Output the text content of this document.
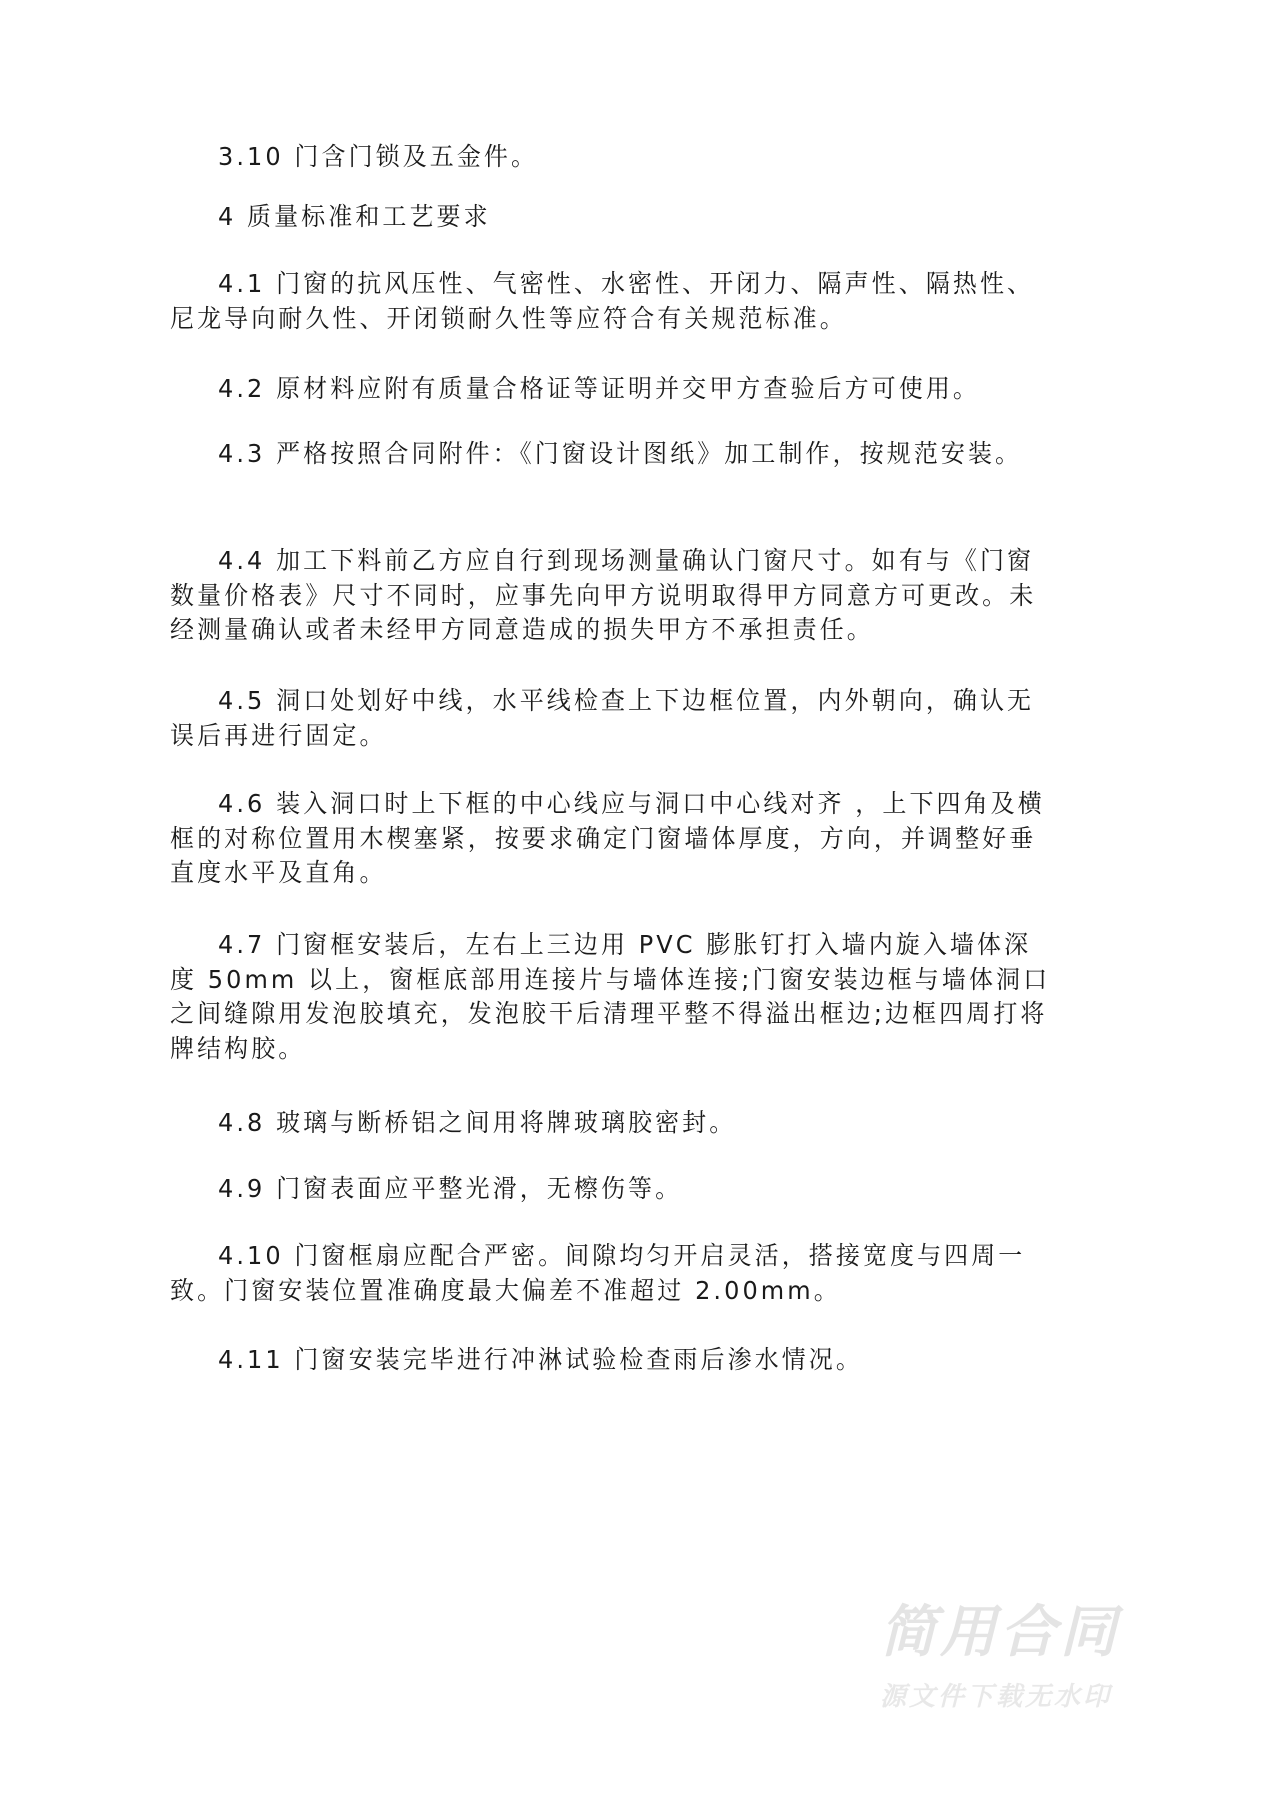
3.10 门含门锁及五金件。

4 质量标准和工艺要求

4.1 门窗的抗风压性、气密性、水密性、开闭力、隔声性、隔热性、尼龙导向耐久性、开闭锁耐久性等应符合有关规范标准。

4.2 原材料应附有质量合格证等证明并交甲方查验后方可使用。

4.3 严格按照合同附件：《门窗设计图纸》加工制作，按规范安装。

4.4 加工下料前乙方应自行到现场测量确认门窗尺寸。如有与《门窗数量价格表》尺寸不同时，应事先向甲方说明取得甲方同意方可更改。未经测量确认或者未经甲方同意造成的损失甲方不承担责任。

4.5 洞口处划好中线，水平线检查上下边框位置，内外朝向，确认无误后再进行固定。

4.6 装入洞口时上下框的中心线应与洞口中心线对齐 ，上下四角及横框的对称位置用木楔塞紧，按要求确定门窗墙体厚度，方向，并调整好垂直度水平及直角。

4.7 门窗框安装后，左右上三边用 PVC 膨胀钉打入墙内旋入墙体深度 50mm 以上，窗框底部用连接片与墙体连接;门窗安装边框与墙体洞口之间缝隙用发泡胶填充，发泡胶干后清理平整不得溢出框边;边框四周打将牌结构胶。

4.8 玻璃与断桥铝之间用将牌玻璃胶密封。

4.9 门窗表面应平整光滑，无檫伤等。

4.10 门窗框扇应配合严密。间隙均匀开启灵活，搭接宽度与四周一致。门窗安装位置准确度最大偏差不准超过 2.00mm。

4.11 门窗安装完毕进行冲淋试验检查雨后渗水情况。

简用合同
源文件下载无水印
